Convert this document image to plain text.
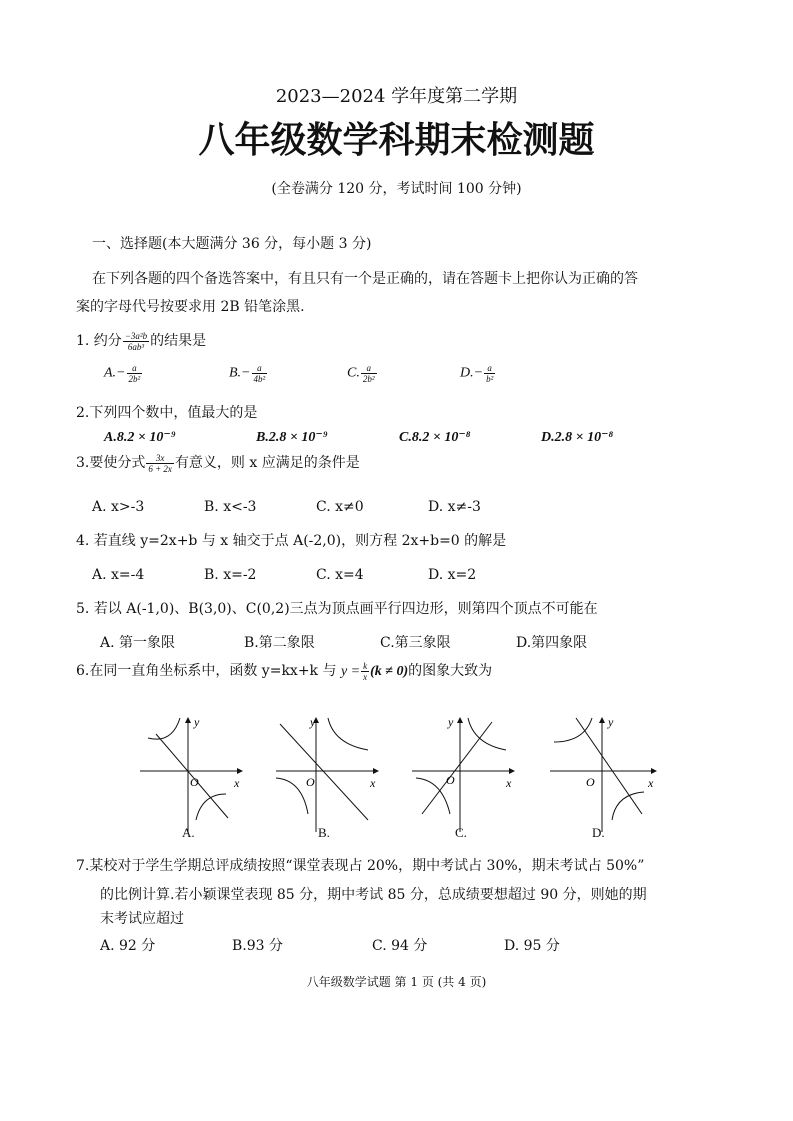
2023—2024 学年度第二学期
八年级数学科期末检测题
(全卷满分 120 分，考试时间 100 分钟)
一、选择题(本大题满分 36 分，每小题 3 分)
在下列各题的四个备选答案中，有且只有一个是正确的，请在答题卡上把你认为正确的答
案的字母代号按要求用 2B 铅笔涂黑.
1. 约分 $\frac{\text{−3a²b}}{\text{6ab³}}$ 的结果是
$A.- \frac{a}{\text{2b²}}$	$B.- \frac{a}{\text{4b²}}$	C. $\frac{a}{\text{2b²}}$	$D.- \frac{a}{\text{b²}}$
2.下列四个数中，值最大的是
A.8.2 × 10⁻⁹	B.2.8 × 10⁻⁹	C.8.2 × 10⁻⁸	D.2.8 × 10⁻⁸
3.要使分式 $\frac{3x}{6 + 2x}$ 有意义，则 x 应满足的条件是
A. x>-3	B. x<-3	C. x≠0	D. x≠-3
4. 若直线 y=2x+b 与 x 轴交于点 A(-2,0)，则方程 2x+b=0 的解是
A. x=-4	B. x=-2	C. x=4	D. x=2
5. 若以 A(-1,0)、B(3,0)、C(0,2)三点为顶点画平行四边形，则第四个顶点不可能在
A. 第一象限	B.第二象限	C.第三象限	D.第四象限
6.在同一直角坐标系中，函数 y=kx+k 与 $y = \frac{k}{x} (k \ne 0)$的图象大致为
x
y
O
A.
x
y
O
B.
x
y
O
C.
x
y
O
D.
7.某校对于学生学期总评成绩按照“课堂表现占 20%，期中考试占 30%，期末考试占 50%”
的比例计算.若小颖课堂表现 85 分，期中考试 85 分，总成绩要想超过 90 分，则她的期
末考试应超过
A. 92 分	B.93 分	C. 94 分	D. 95 分
八年级数学试题 第 1 页 (共 4 页)
